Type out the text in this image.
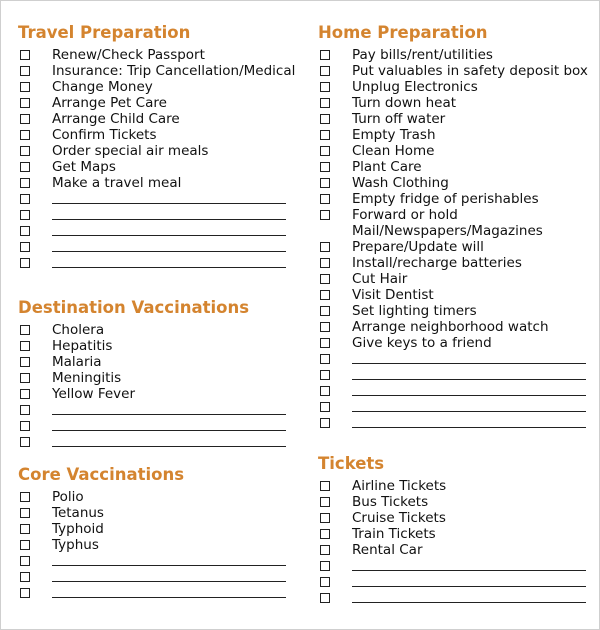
Travel Preparation
Renew/Check Passport
Insurance: Trip Cancellation/Medical
Change Money
Arrange Pet Care
Arrange Child Care
Confirm Tickets
Order special air meals
Get Maps
Make a travel meal
Destination Vaccinations
Cholera
Hepatitis
Malaria
Meningitis
Yellow Fever
Core Vaccinations
Polio
Tetanus
Typhoid
Typhus
Home Preparation
Pay bills/rent/utilities
Put valuables in safety deposit box
Unplug Electronics
Turn down heat
Turn off water
Empty Trash
Clean Home
Plant Care
Wash Clothing
Empty fridge of perishables
Forward or hold Mail/Newspapers/Magazines
Prepare/Update will
Install/recharge batteries
Cut Hair
Visit Dentist
Set lighting timers
Arrange neighborhood watch
Give keys to a friend
Tickets
Airline Tickets
Bus Tickets
Cruise Tickets
Train Tickets
Rental Car
